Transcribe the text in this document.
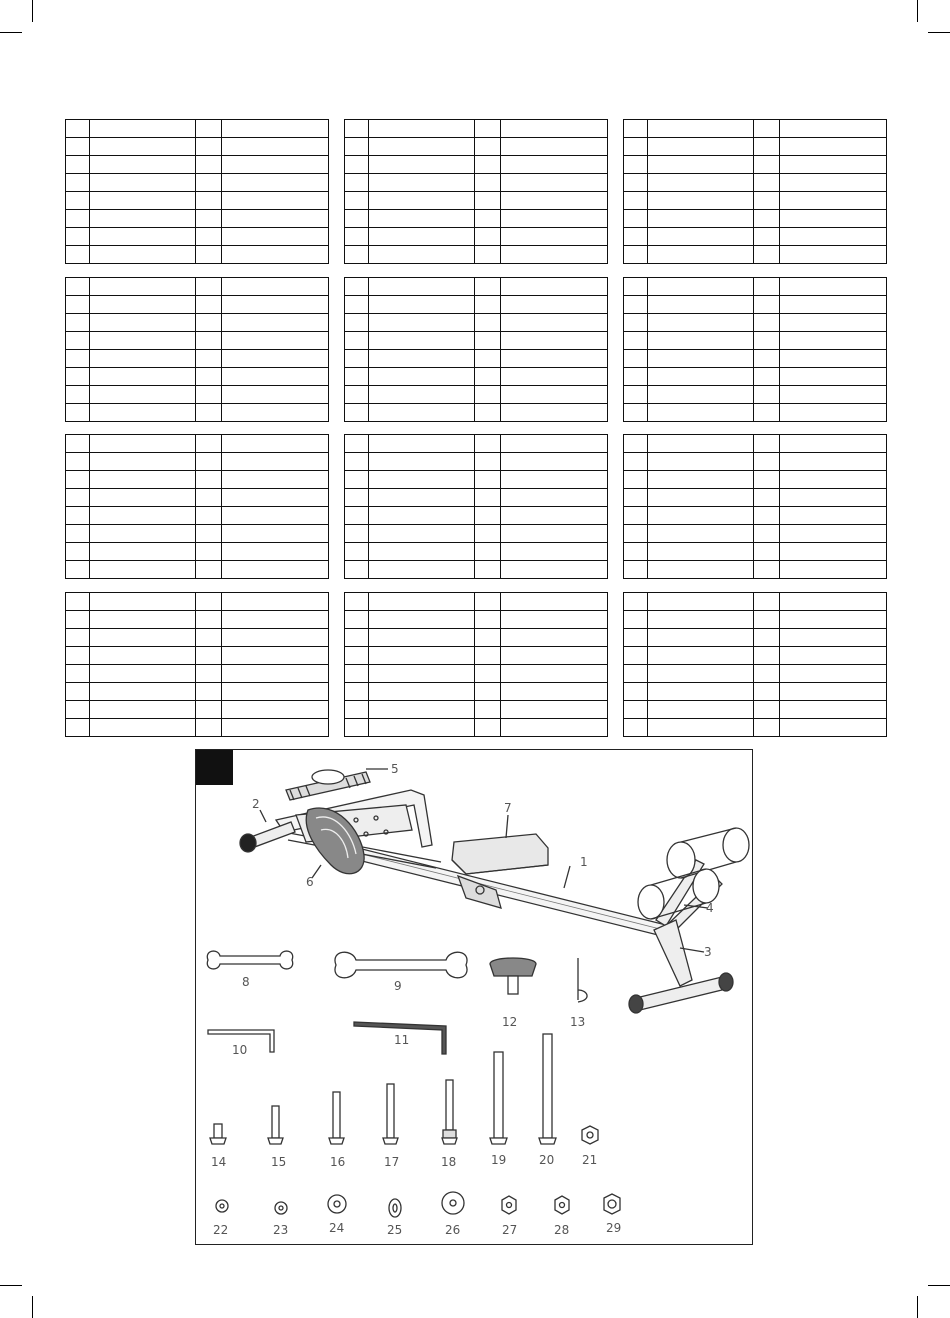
5
2
6
7
1
4
3
8	9
10
11
12	13
14	15	16	17	18	19	20 21
22	23	24	25	26	27	28	29
